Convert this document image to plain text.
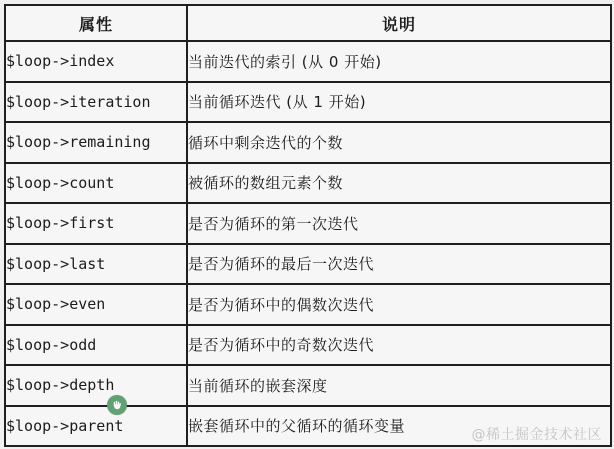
属性	说明
$loop->index	当前迭代的索引 (从 0 开始)
$loop->iteration	当前循环迭代 (从 1 开始)
$loop->remaining	循环中剩余迭代的个数
$loop->count	被循环的数组元素个数
$loop->first	是否为循环的第一次迭代
$loop->last	是否为循环的最后一次迭代
$loop->even	是否为循环中的偶数次迭代
$loop->odd	是否为循环中的奇数次迭代
$loop->depth	当前循环的嵌套深度
$loop->parent	嵌套循环中的父循环的循环变量	@稀土掘金技术社区
